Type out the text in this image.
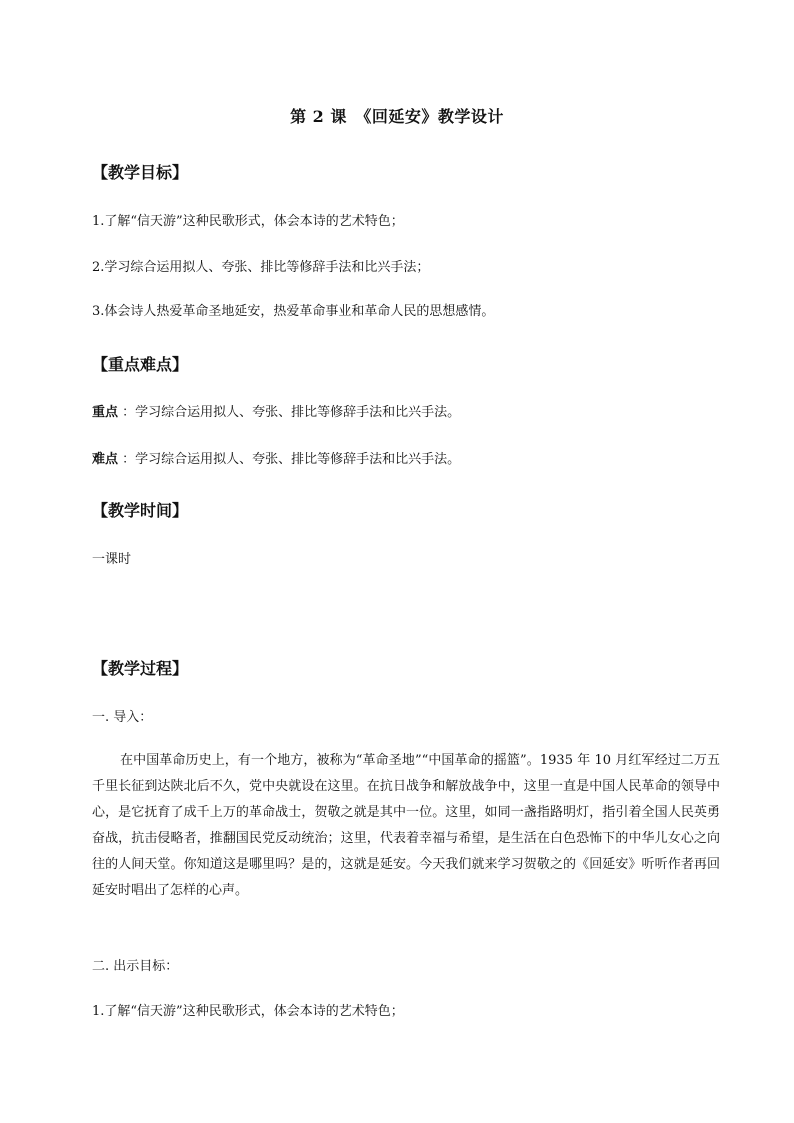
第 2 课　《回延安》教学设计
【教学目标】
1.了解“信天游”这种民歌形式，体会本诗的艺术特色；
2.学习综合运用拟人、夸张、排比等修辞手法和比兴手法；
3.体会诗人热爱革命圣地延安，热爱革命事业和革命人民的思想感情。
【重点难点】
重点 ：学习综合运用拟人、夸张、排比等修辞手法和比兴手法。
难点 ：学习综合运用拟人、夸张、排比等修辞手法和比兴手法。
【教学时间】
一课时
【教学过程】
一. 导入：
在中国革命历史上，有一个地方，被称为“革命圣地”“中国革命的摇篮”。1935 年 10 月红军经过二万五千里长征到达陕北后不久，党中央就设在这里。在抗日战争和解放战争中，这里一直是中国人民革命的领导中心，是它抚育了成千上万的革命战士，贺敬之就是其中一位。这里，如同一盏指路明灯，指引着全国人民英勇奋战，抗击侵略者，推翻国民党反动统治；这里，代表着幸福与希望，是生活在白色恐怖下的中华儿女心之向往的人间天堂。你知道这是哪里吗？是的，这就是延安。今天我们就来学习贺敬之的《回延安》听听作者再回延安时唱出了怎样的心声。
二. 出示目标：
1.了解“信天游”这种民歌形式，体会本诗的艺术特色；
